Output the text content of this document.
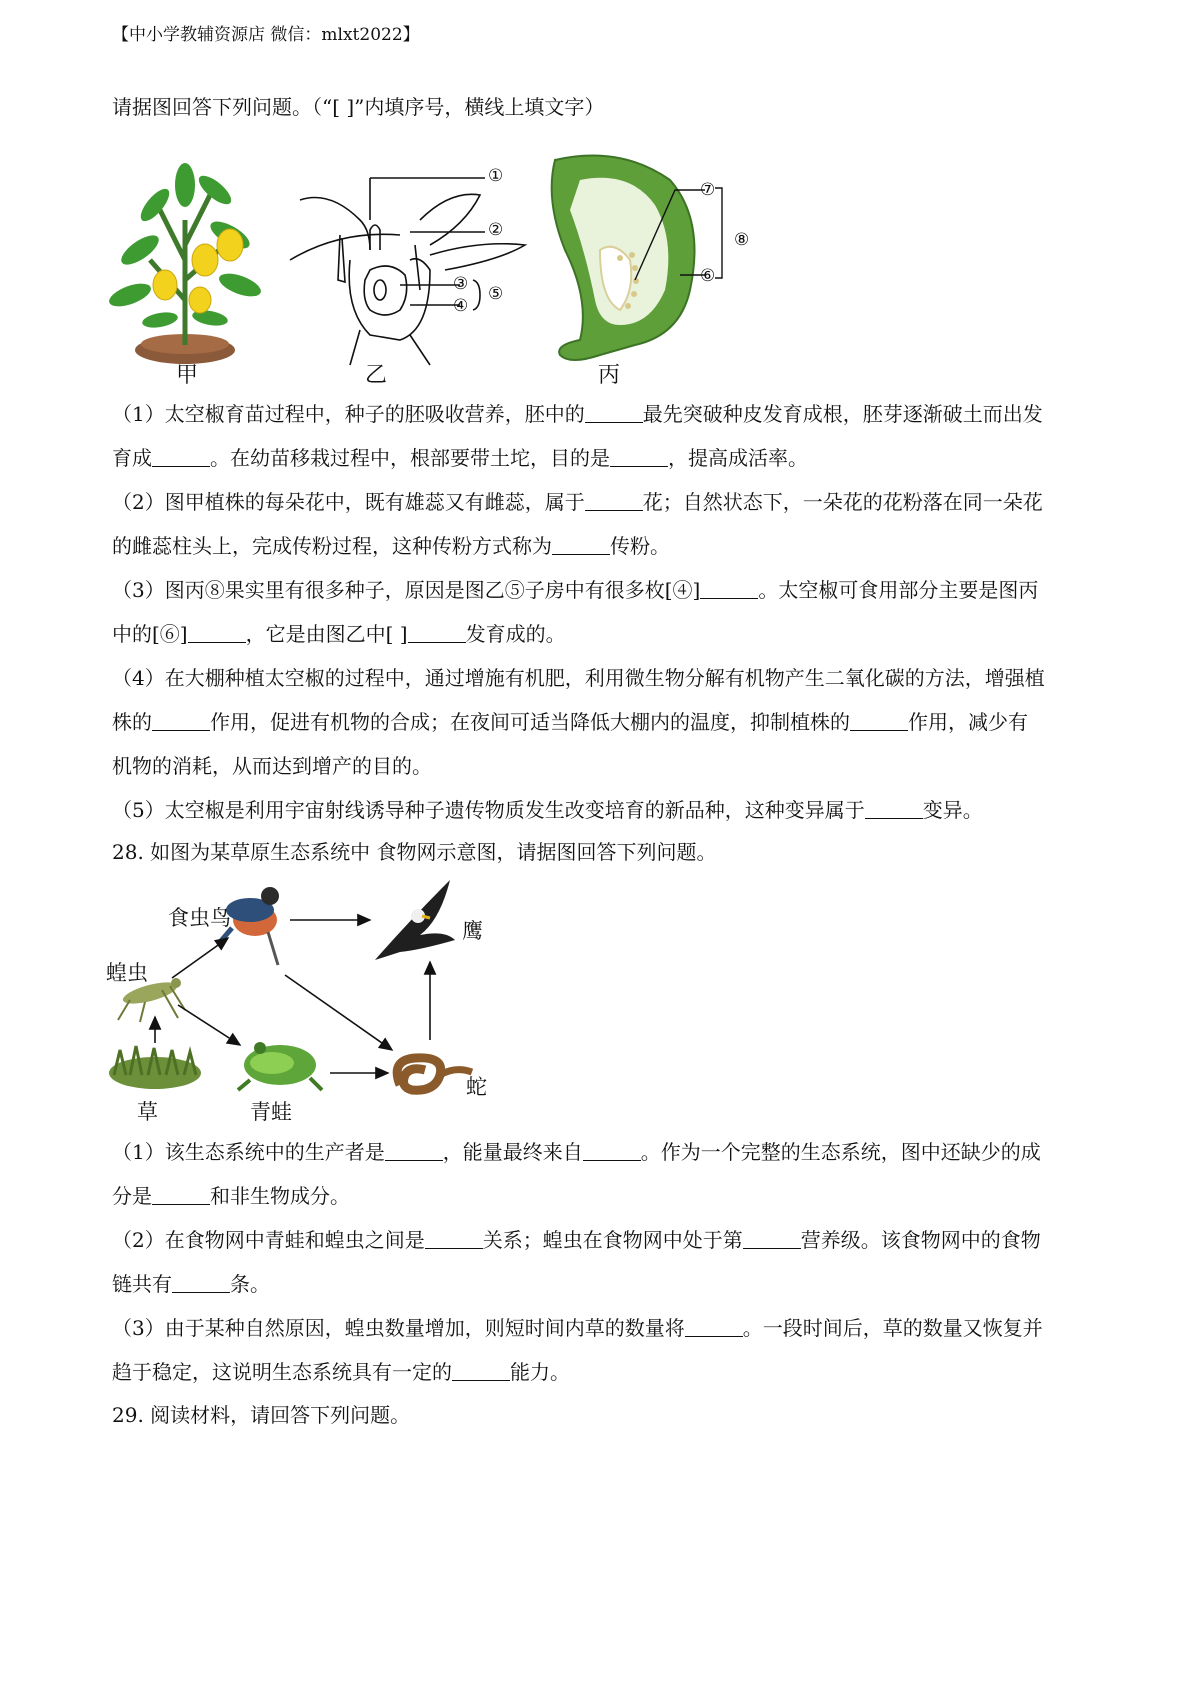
【中小学教辅资源店 微信：mlxt2022】
请据图回答下列问题。（“[ ]”内填序号，横线上填文字）
甲
①
②
③
④
⑤
乙
⑦
⑥
⑧
丙
（1）太空椒育苗过程中，种子的胚吸收营养，胚中的	最先突破种皮发育成根，胚芽逐渐破土而出发
育成	。在幼苗移栽过程中，根部要带土坨，目的是	，提高成活率。
（2）图甲植株的每朵花中，既有雄蕊又有雌蕊，属于	花；自然状态下，一朵花的花粉落在同一朵花
的雌蕊柱头上，完成传粉过程，这种传粉方式称为	传粉。
（3）图丙⑧果实里有很多种子，原因是图乙⑤子房中有很多枚[④]	。太空椒可食用部分主要是图丙
中的[⑥]	，它是由图乙中[ ]	发育成的。
（4）在大棚种植太空椒的过程中，通过增施有机肥，利用微生物分解有机物产生二氧化碳的方法，增强植
株的	作用，促进有机物的合成；在夜间可适当降低大棚内的温度，抑制植株的	作用，减少有
机物的消耗，从而达到增产的目的。
（5）太空椒是利用宇宙射线诱导种子遗传物质发生改变培育的新品种，这种变异属于	变异。
28. 如图为某草原生态系统中 食物网示意图，请据图回答下列问题。
食虫鸟
鹰
蝗虫
草	青蛙
蛇
（1）该生态系统中的生产者是	，能量最终来自	。作为一个完整的生态系统，图中还缺少的成
分是	和非生物成分。
（2）在食物网中青蛙和蝗虫之间是	关系；蝗虫在食物网中处于第	营养级。该食物网中的食物
链共有	条。
（3）由于某种自然原因，蝗虫数量增加，则短时间内草的数量将	。一段时间后，草的数量又恢复并
趋于稳定，这说明生态系统具有一定的	能力。
29. 阅读材料，请回答下列问题。
